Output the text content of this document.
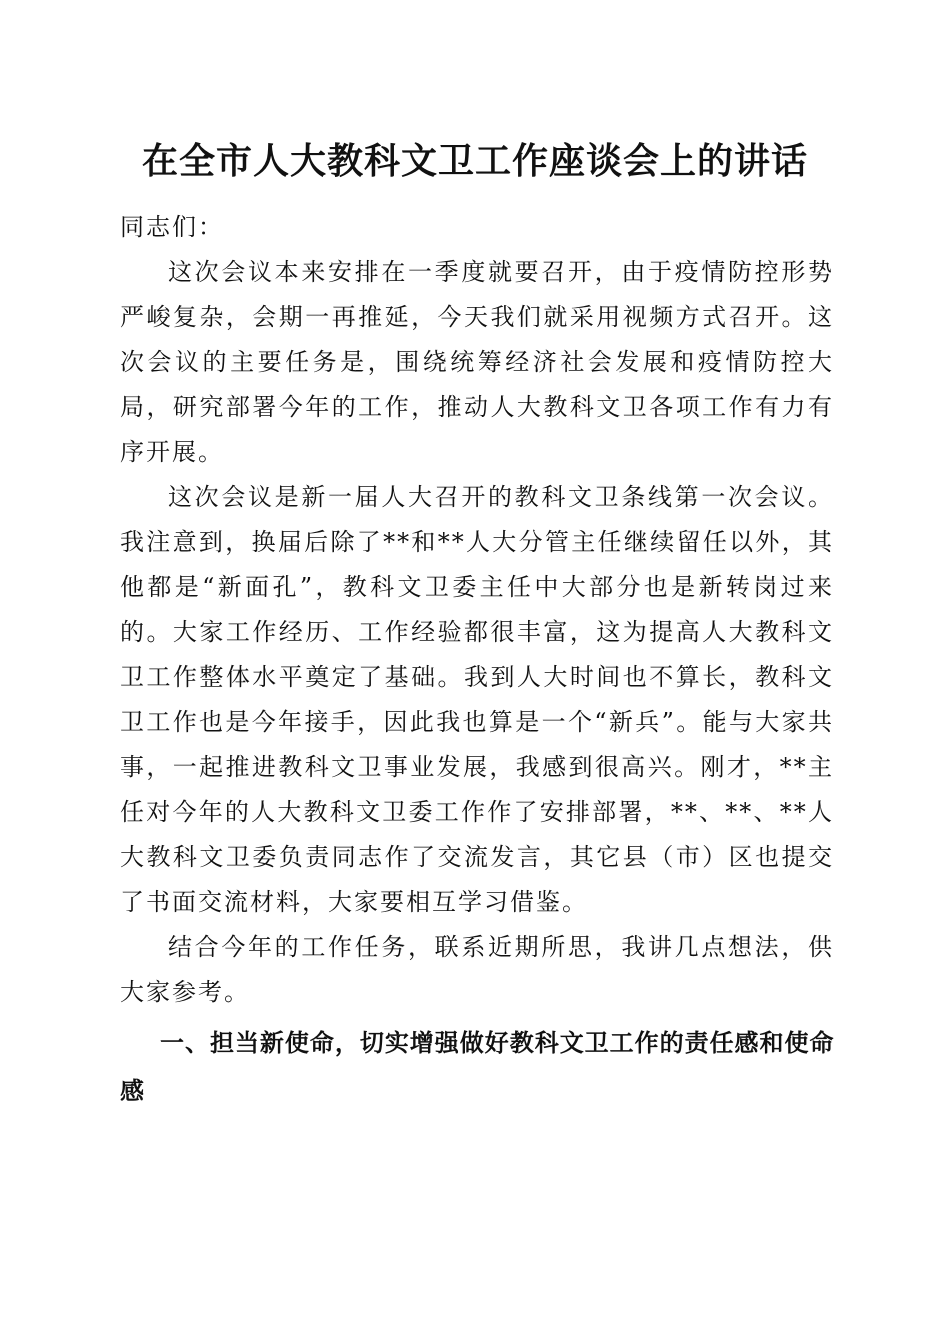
在全市人大教科文卫工作座谈会上的讲话

同志们：

这次会议本来安排在一季度就要召开，由于疫情防控形势严峻复杂，会期一再推延，今天我们就采用视频方式召开。这次会议的主要任务是，围绕统筹经济社会发展和疫情防控大局，研究部署今年的工作，推动人大教科文卫各项工作有力有序开展。

这次会议是新一届人大召开的教科文卫条线第一次会议。我注意到，换届后除了**和**人大分管主任继续留任以外，其他都是“新面孔”，教科文卫委主任中大部分也是新转岗过来的。大家工作经历、工作经验都很丰富，这为提高人大教科文卫工作整体水平奠定了基础。我到人大时间也不算长，教科文卫工作也是今年接手，因此我也算是一个“新兵”。能与大家共事，一起推进教科文卫事业发展，我感到很高兴。刚才，**主任对今年的人大教科文卫委工作作了安排部署，**、**、**人大教科文卫委负责同志作了交流发言，其它县（市）区也提交了书面交流材料，大家要相互学习借鉴。

结合今年的工作任务，联系近期所思，我讲几点想法，供大家参考。

一、担当新使命，切实增强做好教科文卫工作的责任感和使命感
